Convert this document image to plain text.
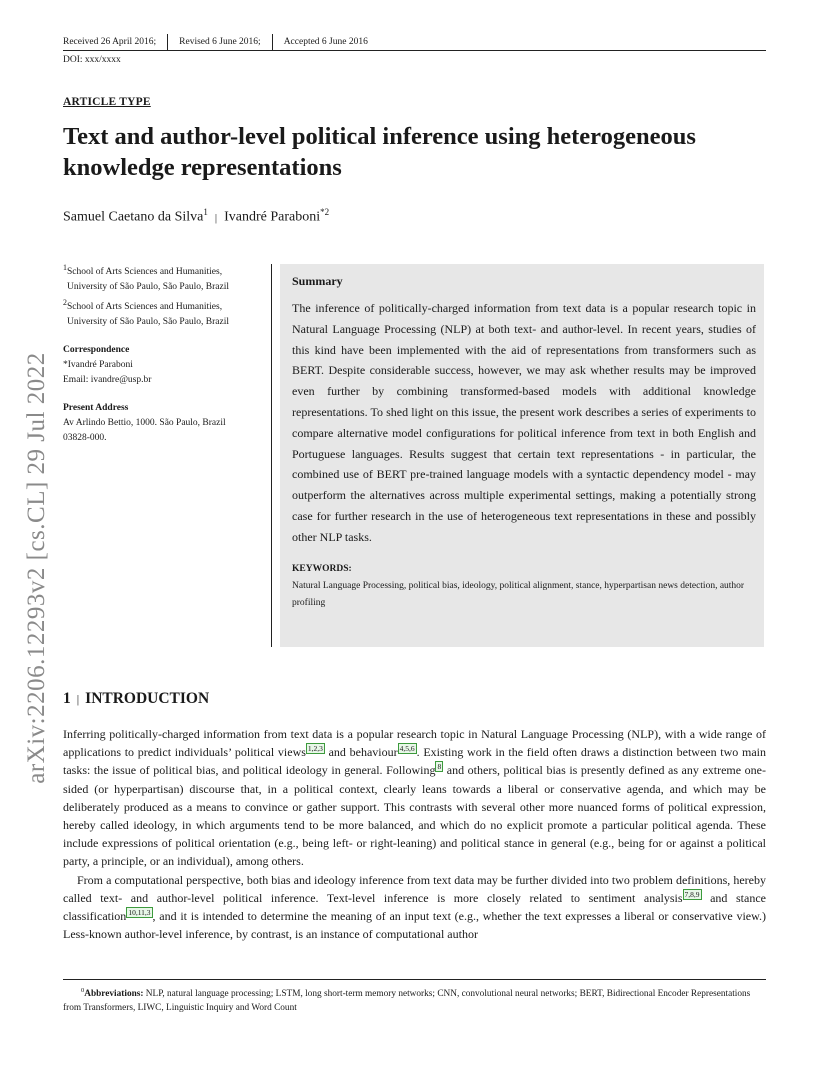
Received 26 April 2016;	Revised 6 June 2016;	Accepted 6 June 2016
DOI: xxx/xxxx
ARTICLE TYPE
Text and author-level political inference using heterogeneous knowledge representations
Samuel Caetano da Silva$^1$ | Ivandré Paraboni$^{*2}$

$^1$School of Arts Sciences and Humanities,

University of São Paulo, São Paulo, Brazil

$^2$School of Arts Sciences and Humanities,

University of São Paulo, São Paulo, Brazil

Correspondence

*Ivandré Paraboni

Email: ivandre@usp.br

Present Address

Av Arlindo Bettio, 1000. São Paulo, Brazil

03828-000.

Summary
The inference of politically-charged information from text data is a popular research topic in Natural Language Processing (NLP) at both text- and author-level. In recent years, studies of this kind have been implemented with the aid of representations from transformers such as BERT. Despite considerable success, however, we may ask whether results may be improved even further by combining transformed-based models with additional knowledge representations. To shed light on this issue, the present work describes a series of experiments to compare alternative model configurations for political inference from text in both English and Portuguese languages. Results suggest that certain text representations - in particular, the combined use of BERT pre-trained language models with a syntactic dependency model - may outperform the alternatives across multiple experimental settings, making a potentially strong case for further research in the use of heterogeneous text representations in these and possibly other NLP tasks.
KEYWORDS:
Natural Language Processing, political bias, ideology, political alignment, stance, hyperpartisan news detection, author profiling
arXiv:2206.12293v2 [cs.CL] 29 Jul 2022 1 | INTRODUCTION

Inferring politically-charged information from text data is a popular research topic in Natural Language Processing (NLP), with a wide range of applications to predict individuals’ political views $^{1,2,3}$ and behaviour $^{4,5,6}$ . Existing work in the field often draws a distinction between two main tasks: the issue of political bias, and political ideology in general. Following $^8$ and others, political bias is presently defined as any extreme one-sided (or hyperpartisan) discourse that, in a political context, clearly leans towards a liberal or conservative agenda, and which may be deliberately produced as a means to convince or gather support. This contrasts with several other more nuanced forms of political expression, hereby called ideology, in which arguments tend to be more balanced, and which do no explicit promote a particular political agenda. These include expressions of political orientation (e.g., being left- or right-leaning) and political stance in general (e.g., being for or against a political party, a principle, or an individual), among others.

From a computational perspective, both bias and ideology inference from text data may be further divided into two problem definitions, hereby called text- and author-level political inference. Text-level inference is more closely related to sentiment analysis $^{7,8,9}$ and stance classification $^{10,11,3}$ , and it is intended to determine the meaning of an input text (e.g., whether the text expresses a liberal or conservative view.) Less-known author-level inference, by contrast, is an instance of computational author

$^0$Abbreviations: NLP, natural language processing; LSTM, long short-term memory networks; CNN, convolutional neural networks; BERT, Bidirectional Encoder Representations from Transformers, LIWC, Linguistic Inquiry and Word Count
